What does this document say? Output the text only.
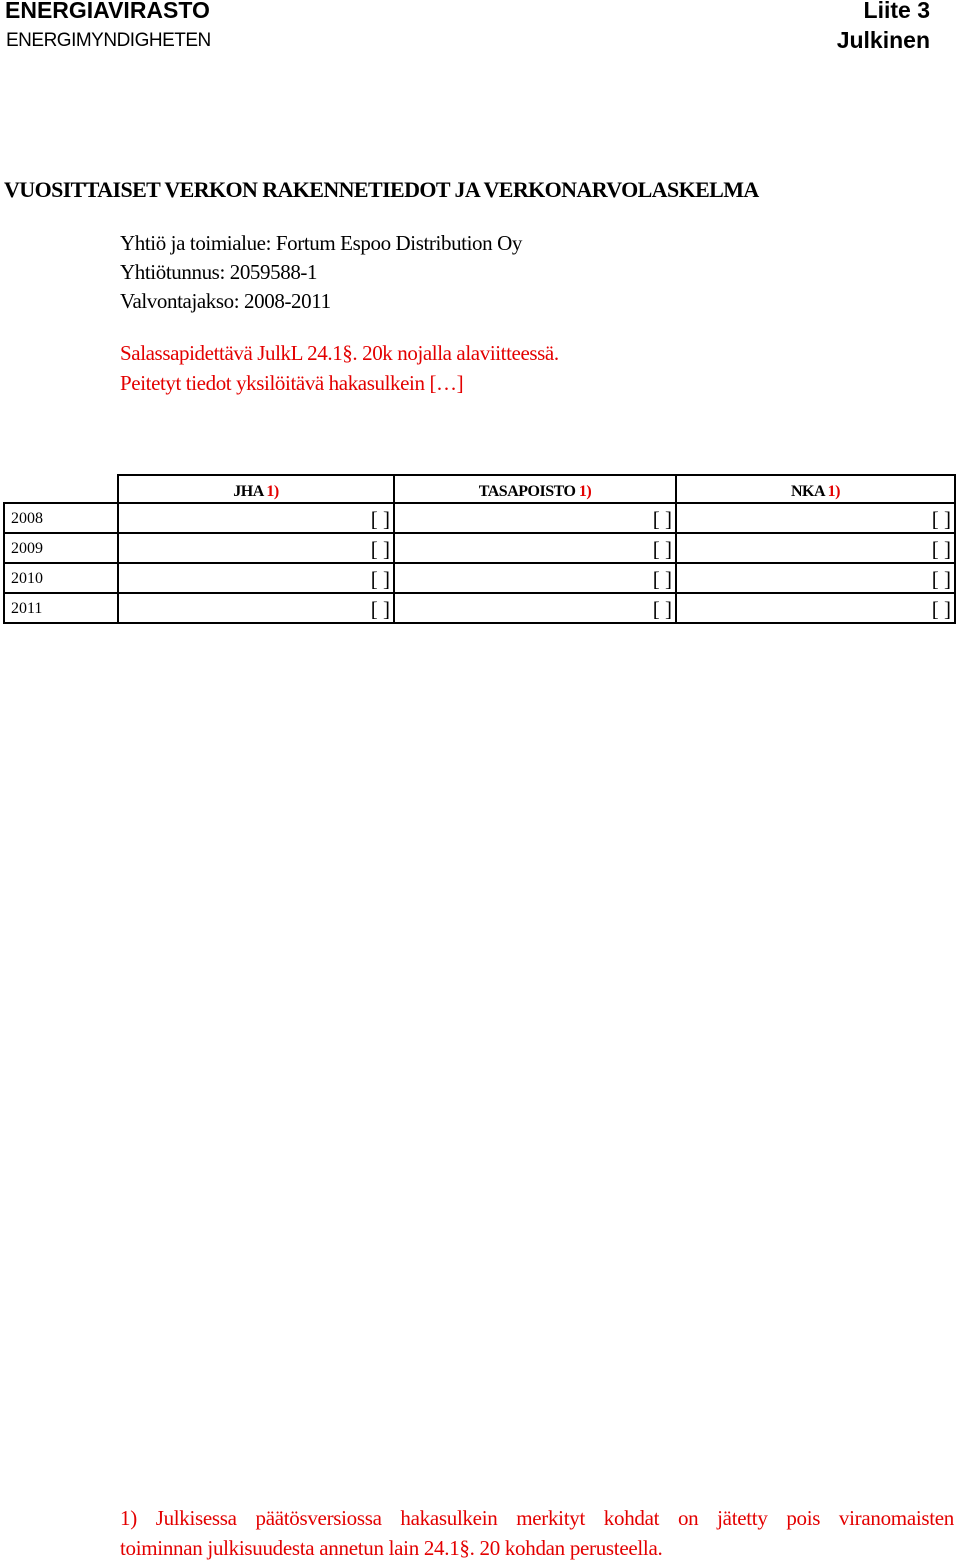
ENERGIAVIRASTO
ENERGIMYNDIGHETEN
Liite 3
Julkinen
VUOSITTAISET VERKON RAKENNETIEDOT JA VERKONARVOLASKELMA
Yhtiö ja toimialue: Fortum Espoo Distribution Oy
Yhtiötunnus: 2059588-1
Valvontajakso: 2008-2011
Salassapidettävä JulkL 24.1§. 20k nojalla alaviitteessä.
Peitetyt tiedot yksilöitävä hakasulkein […]
	JHA 1)	TASAPOISTO 1)	NKA 1)
2008	[ ]	[ ]	[ ]
2009	[ ]	[ ]	[ ]
2010	[ ]	[ ]	[ ]
2011	[ ]	[ ]	[ ]
1) Julkisessa päätösversiossa hakasulkein merkityt kohdat on jätetty pois viranomaisten
toiminnan julkisuudesta annetun lain 24.1§. 20 kohdan perusteella.
